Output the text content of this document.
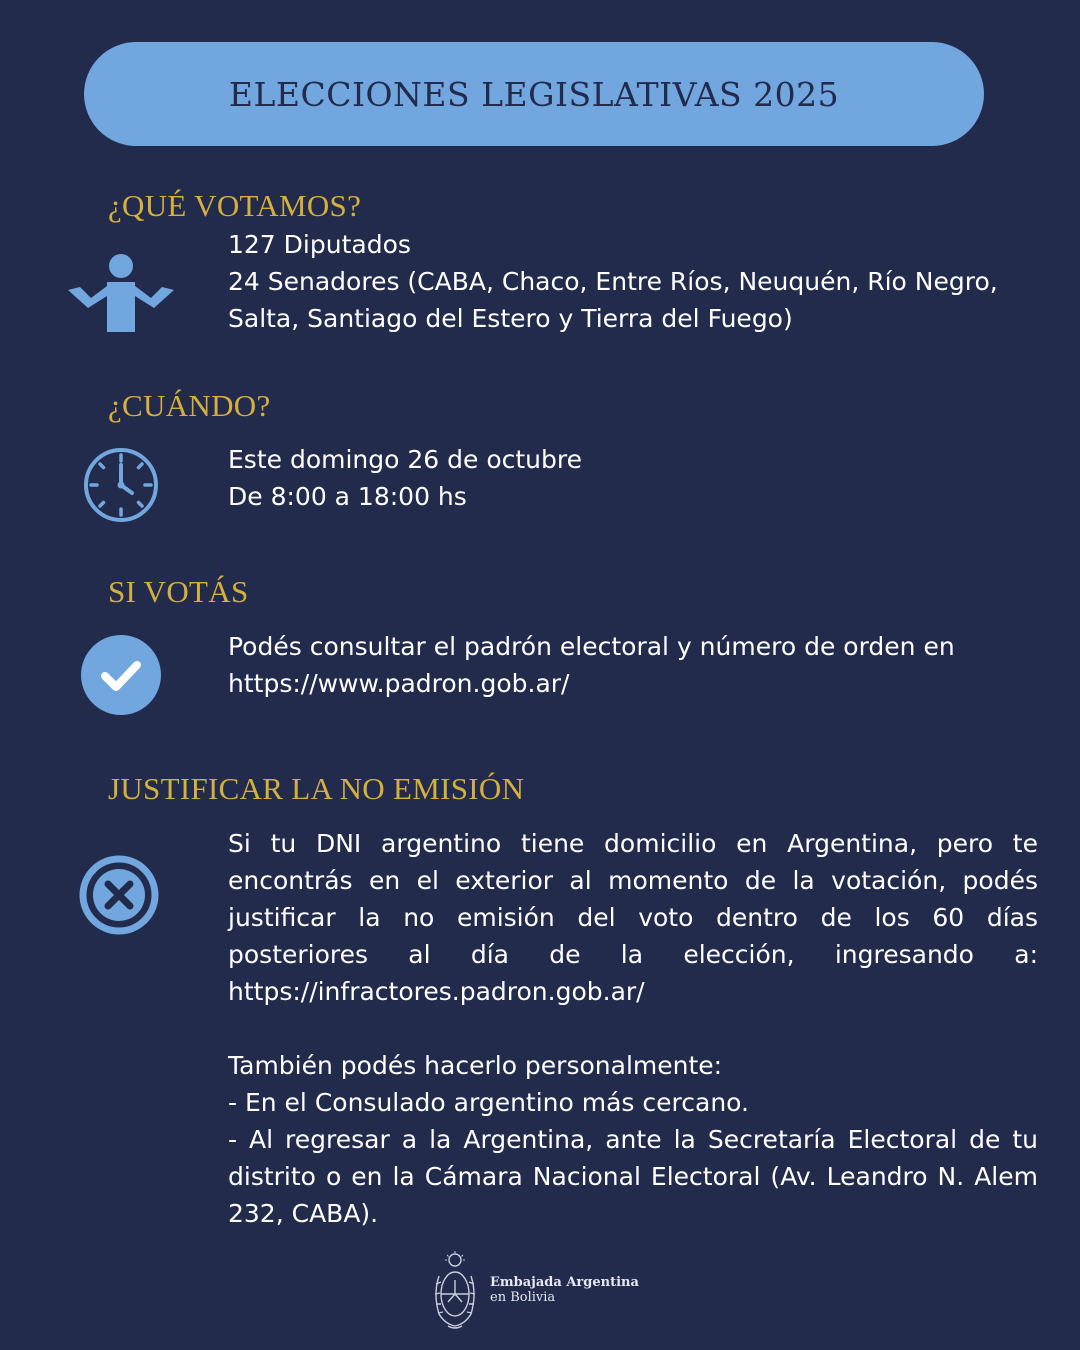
ELECCIONES LEGISLATIVAS 2025
¿QUÉ VOTAMOS?
127 Diputados
24 Senadores (CABA, Chaco, Entre Ríos, Neuquén, Río Negro,
Salta, Santiago del Estero y Tierra del Fuego)
¿CUÁNDO?
Este domingo 26 de octubre
De 8:00 a 18:00 hs
SI VOTÁS
Podés consultar el padrón electoral y número de orden en
https://www.padron.gob.ar/
JUSTIFICAR LA NO EMISIÓN
Si tu DNI argentino tiene domicilio en Argentina, pero te encontrás en el exterior al momento de la votación, podés justificar la no emisión del voto dentro de los 60 días posteriores al día de la elección, ingresando a: https://infractores.padron.gob.ar/
También podés hacerlo personalmente:
- En el Consulado argentino más cercano.
- Al regresar a la Argentina, ante la Secretaría Electoral de tu distrito o en la Cámara Nacional Electoral (Av. Leandro N. Alem 232, CABA).
Embajada Argentina
en Bolivia
